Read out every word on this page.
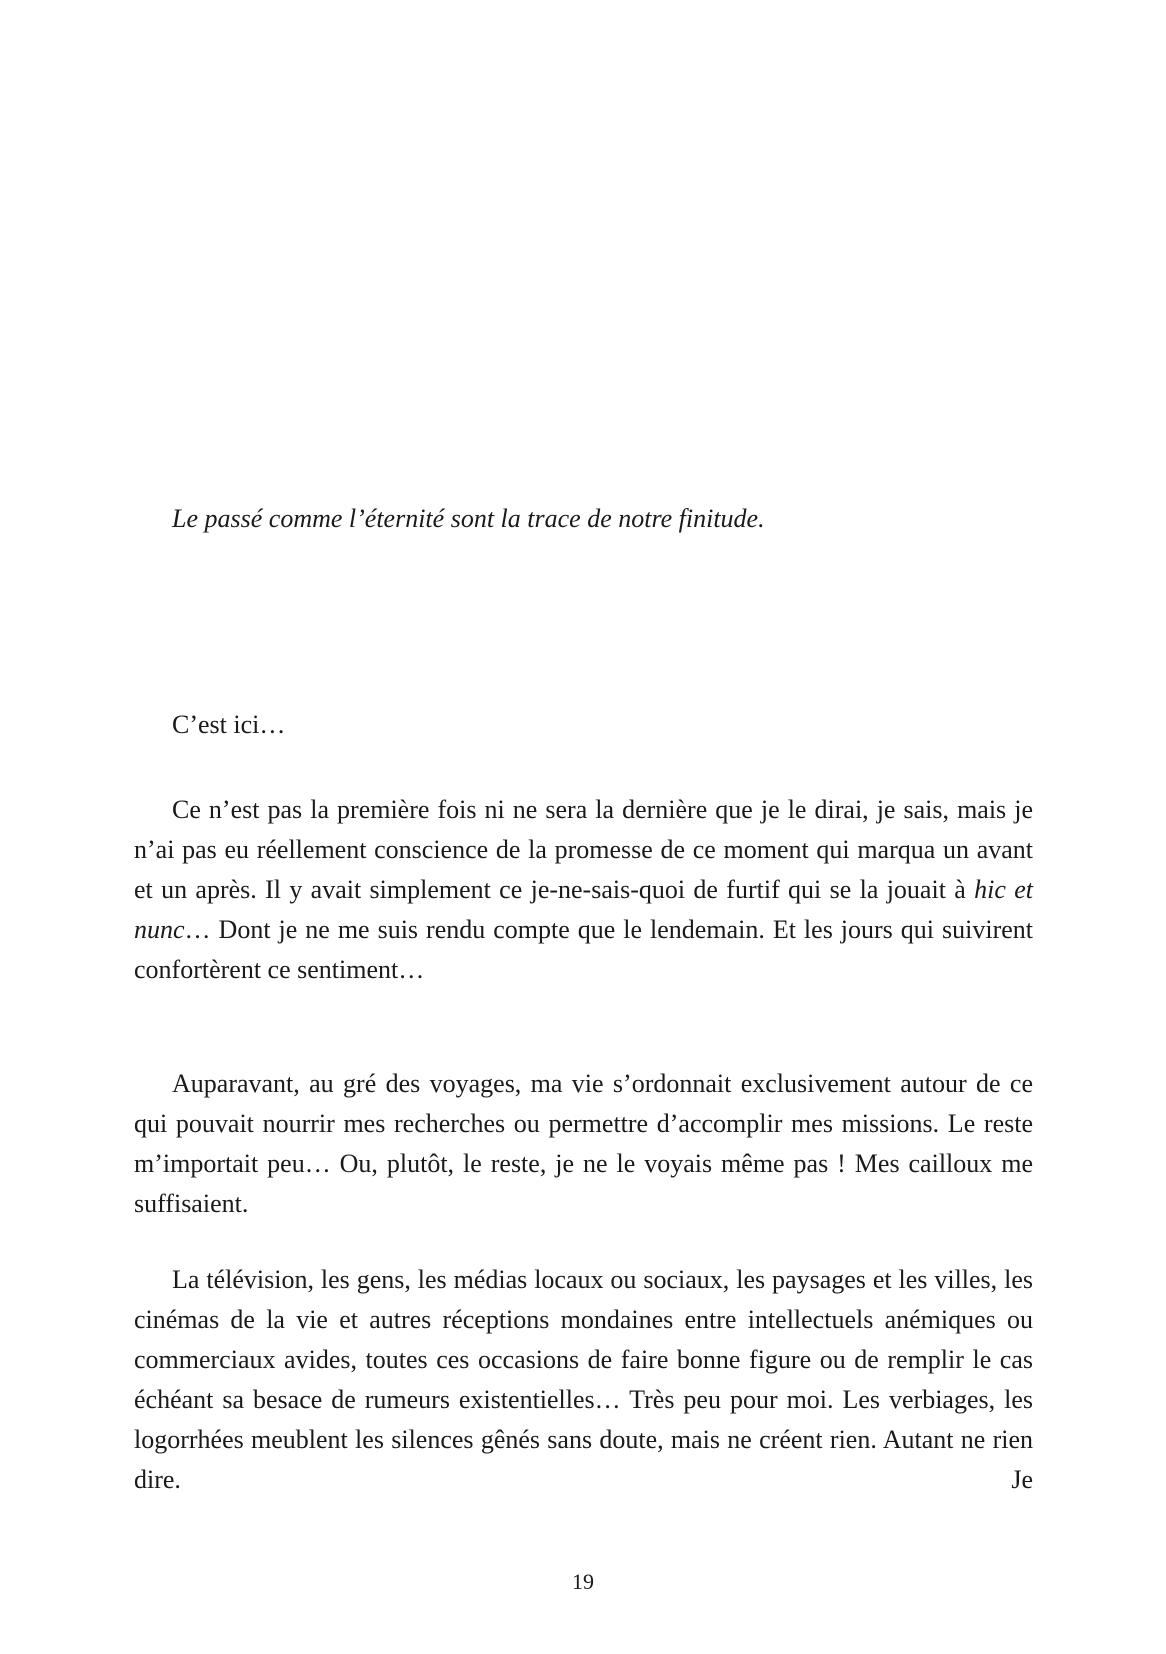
Le passé comme l’éternité sont la trace de notre finitude.
C’est ici…

Ce n’est pas la première fois ni ne sera la dernière que je le dirai, je sais, mais je n’ai pas eu réellement conscience de la promesse de ce moment qui marqua un avant et un après. Il y avait simplement ce je-ne-sais-quoi de furtif qui se la jouait à hic et nunc… Dont je ne me suis rendu compte que le lendemain. Et les jours qui suivirent confortèrent ce sentiment…

Auparavant, au gré des voyages, ma vie s’ordonnait exclusivement autour de ce qui pouvait nourrir mes recherches ou permettre d’accomplir mes missions. Le reste m’importait peu… Ou, plutôt, le reste, je ne le voyais même pas ! Mes cailloux me suffisaient.

La télévision, les gens, les médias locaux ou sociaux, les paysages et les villes, les cinémas de la vie et autres réceptions mondaines entre intellectuels anémiques ou commerciaux avides, toutes ces occasions de faire bonne figure ou de remplir le cas échéant sa besace de rumeurs existentielles… Très peu pour moi. Les verbiages, les logorrhées meublent les silences gênés sans doute, mais ne créent rien. Autant ne rien dire. Je

19
